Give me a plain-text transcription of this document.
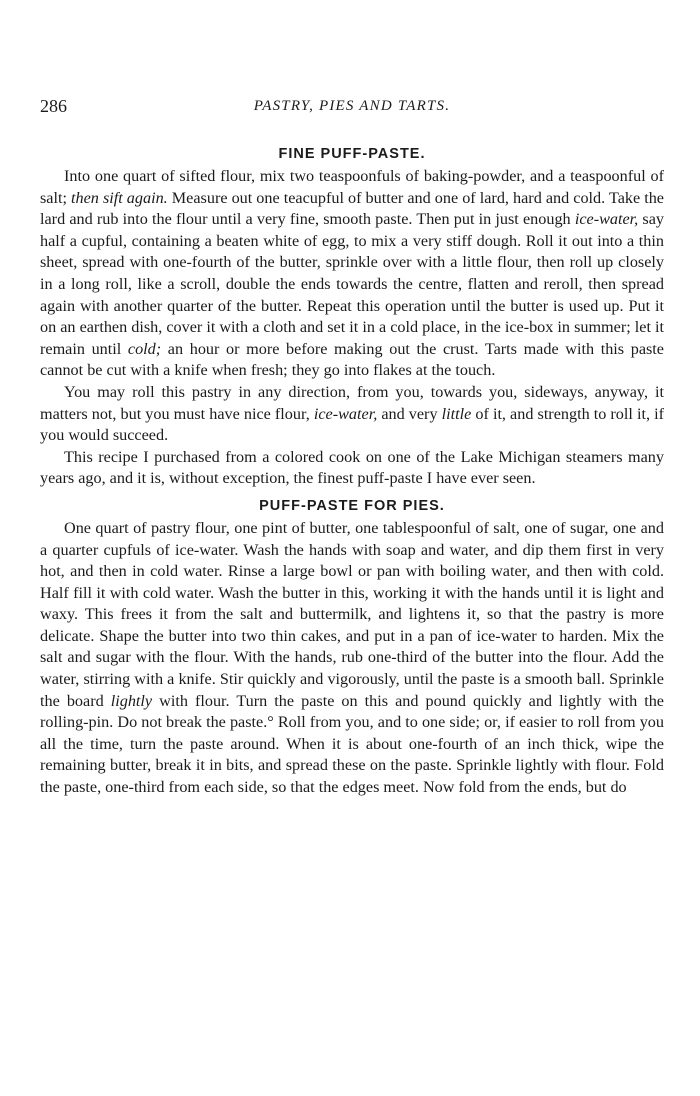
286	PASTRY, PIES AND TARTS.
FINE PUFF-PASTE.

Into one quart of sifted flour, mix two teaspoonfuls of baking-powder, and a teaspoonful of salt; then sift again. Measure out one teacupful of butter and one of lard, hard and cold. Take the lard and rub into the flour until a very fine, smooth paste. Then put in just enough ice-water, say half a cupful, containing a beaten white of egg, to mix a very stiff dough. Roll it out into a thin sheet, spread with one-fourth of the butter, sprinkle over with a little flour, then roll up closely in a long roll, like a scroll, double the ends towards the centre, flatten and reroll, then spread again with another quarter of the butter. Repeat this operation until the butter is used up. Put it on an earthen dish, cover it with a cloth and set it in a cold place, in the ice-box in summer; let it remain until cold; an hour or more before making out the crust. Tarts made with this paste cannot be cut with a knife when fresh; they go into flakes at the touch.

You may roll this pastry in any direction, from you, towards you, sideways, anyway, it matters not, but you must have nice flour, ice-water, and very little of it, and strength to roll it, if you would succeed.

This recipe I purchased from a colored cook on one of the Lake Michigan steamers many years ago, and it is, without exception, the finest puff-paste I have ever seen.

PUFF-PASTE FOR PIES.

One quart of pastry flour, one pint of butter, one tablespoonful of salt, one of sugar, one and a quarter cupfuls of ice-water. Wash the hands with soap and water, and dip them first in very hot, and then in cold water. Rinse a large bowl or pan with boiling water, and then with cold. Half fill it with cold water. Wash the butter in this, working it with the hands until it is light and waxy. This frees it from the salt and buttermilk, and lightens it, so that the pastry is more delicate. Shape the butter into two thin cakes, and put in a pan of ice-water to harden. Mix the salt and sugar with the flour. With the hands, rub one-third of the butter into the flour. Add the water, stirring with a knife. Stir quickly and vigorously, until the paste is a smooth ball. Sprinkle the board lightly with flour. Turn the paste on this and pound quickly and lightly with the rolling-pin. Do not break the paste.° Roll from you, and to one side; or, if easier to roll from you all the time, turn the paste around. When it is about one-fourth of an inch thick, wipe the remaining butter, break it in bits, and spread these on the paste. Sprinkle lightly with flour. Fold the paste, one-third from each side, so that the edges meet. Now fold from the ends, but do
